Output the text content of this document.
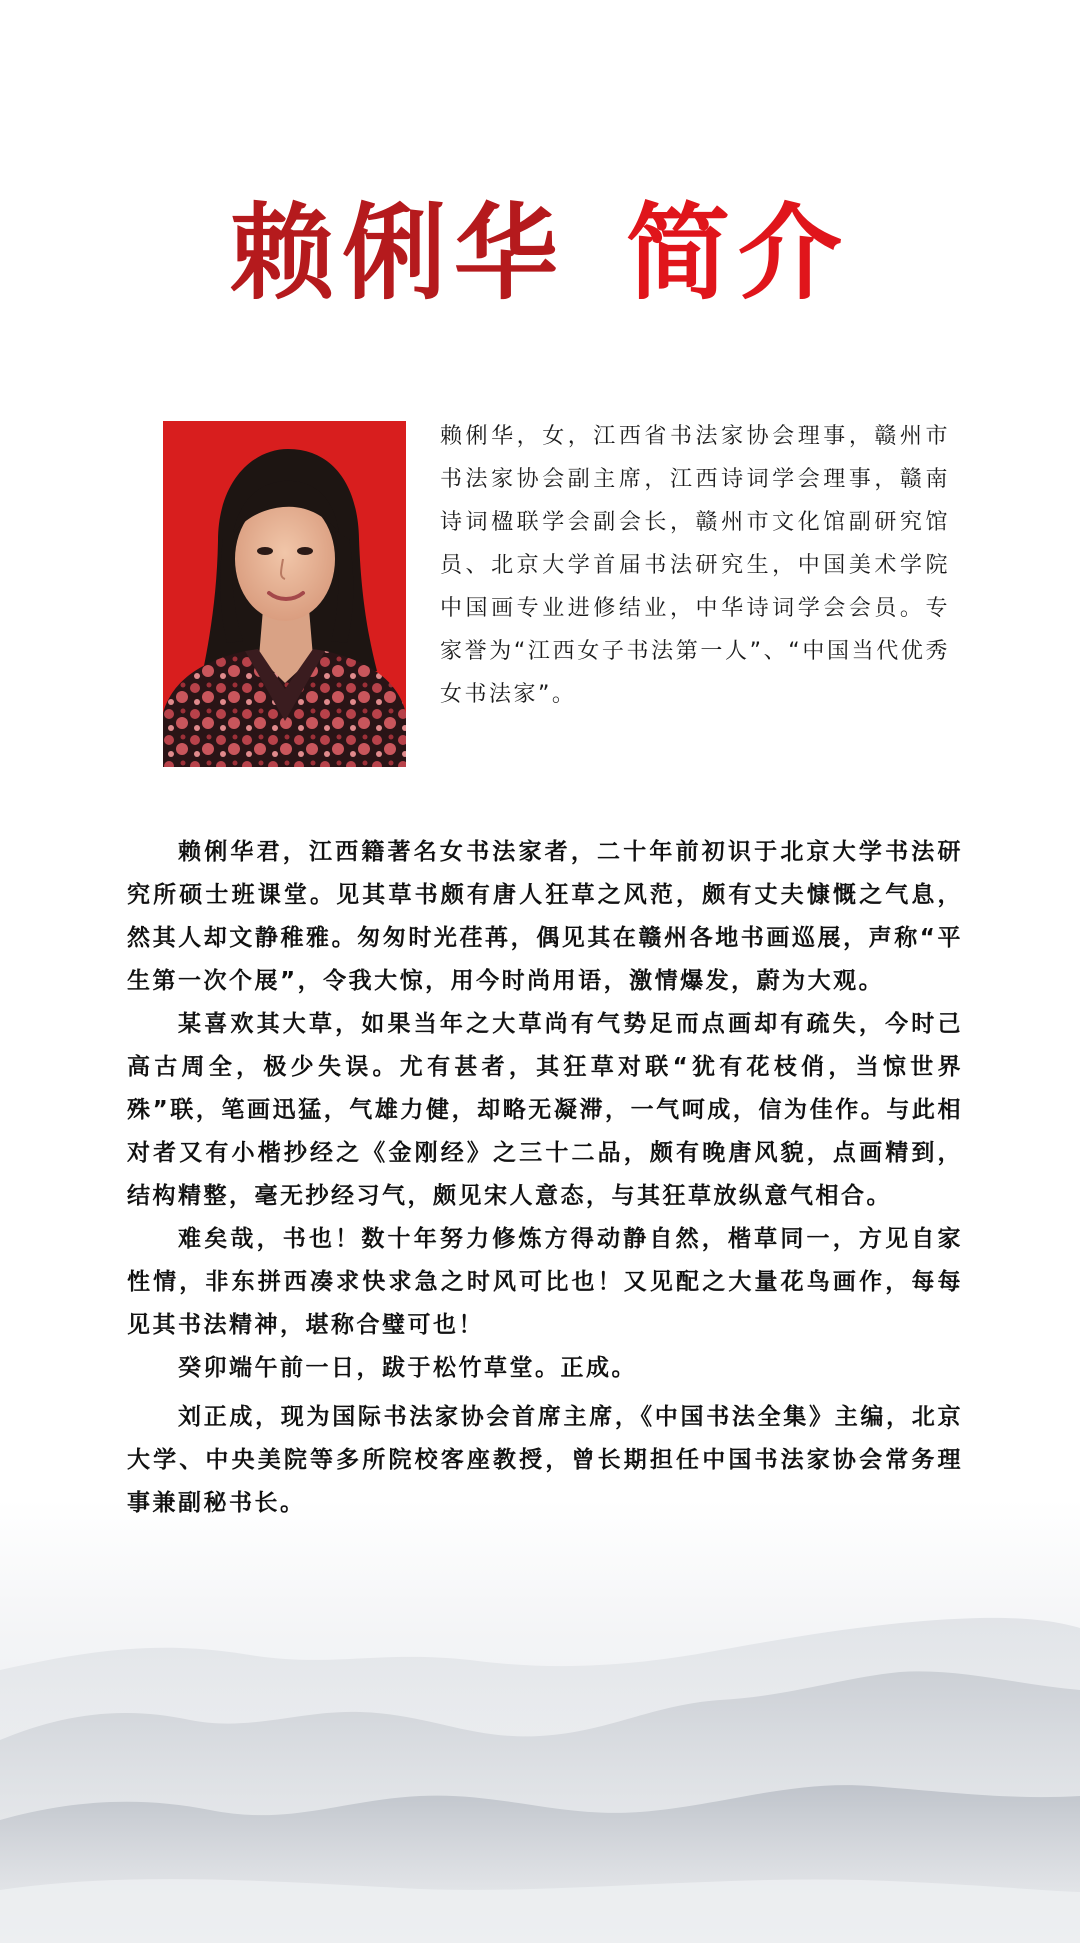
赖俐华 简介

赖俐华，女，江西省书法家协会理事，赣州市书法家协会副主席，江西诗词学会理事，赣南诗词楹联学会副会长，赣州市文化馆副研究馆员、北京大学首届书法研究生，中国美术学院中国画专业进修结业，中华诗词学会会员。专家誉为“江西女子书法第一人”、“中国当代优秀女书法家”。

赖俐华君，江西籍著名女书法家者，二十年前初识于北京大学书法研究所硕士班课堂。见其草书颇有唐人狂草之风范，颇有丈夫慷慨之气息，然其人却文静稚雅。匆匆时光荏苒，偶见其在赣州各地书画巡展，声称“平生第一次个展”，令我大惊，用今时尚用语，激情爆发，蔚为大观。

某喜欢其大草，如果当年之大草尚有气势足而点画却有疏失，今时己高古周全，极少失误。尤有甚者，其狂草对联“犹有花枝俏，当惊世界殊”联，笔画迅猛，气雄力健，却略无凝滞，一气呵成，信为佳作。与此相对者又有小楷抄经之《金刚经》之三十二品，颇有晚唐风貌，点画精到，结构精整，毫无抄经习气，颇见宋人意态，与其狂草放纵意气相合。

难矣哉，书也！数十年努力修炼方得动静自然，楷草同一，方见自家性情，非东拼西凑求快求急之时风可比也！又见配之大量花鸟画作，每每见其书法精神，堪称合璧可也！

癸卯端午前一日，跋于松竹草堂。正成。

刘正成，现为国际书法家协会首席主席，《中国书法全集》主编，北京大学、中央美院等多所院校客座教授，曾长期担任中国书法家协会常务理事兼副秘书长。
